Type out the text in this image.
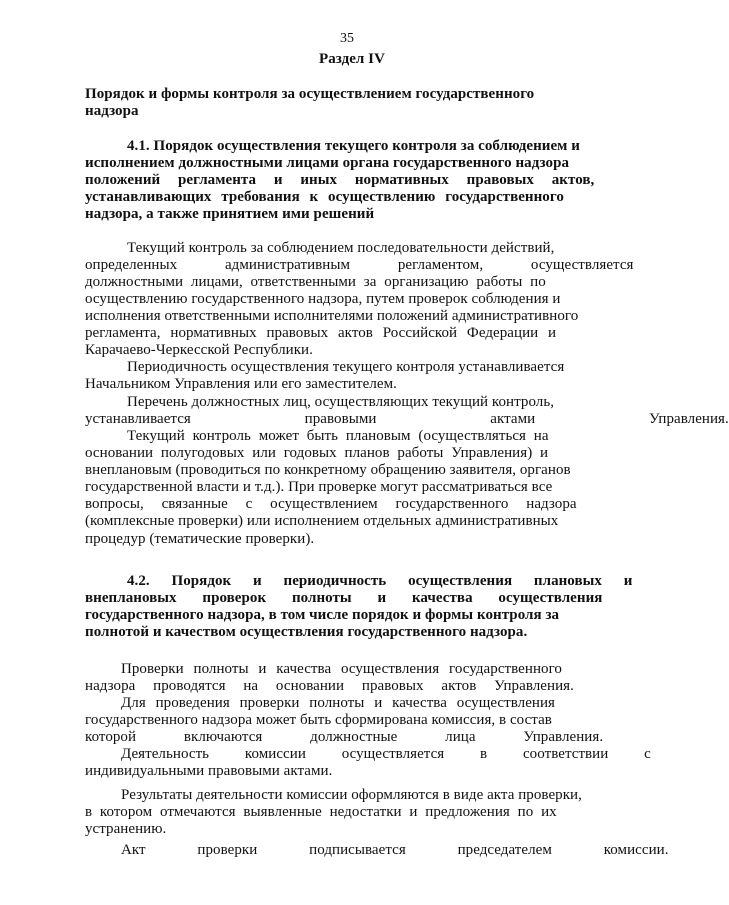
35
Раздел IV
Порядок и формы контроля за осуществлением государственного
надзора
4.1. Порядок осуществления текущего контроля за соблюдением и
исполнением должностными лицами органа государственного надзора
положений регламента и иных нормативных правовых актов,
устанавливающих требования к осуществлению государственного
надзора, а также принятием ими решений
Текущий контроль за соблюдением последовательности действий,
определенных административным регламентом, осуществляется
должностными лицами, ответственными за организацию работы по
осуществлению государственного надзора, путем проверок соблюдения и
исполнения ответственными исполнителями положений административного
регламента, нормативных правовых актов Российской Федерации и
Карачаево-Черкесской Республики.
Периодичность осуществления текущего контроля устанавливается
Начальником Управления или его заместителем.
Перечень должностных лиц, осуществляющих текущий контроль,
устанавливается правовыми актами Управления.
Текущий контроль может быть плановым (осуществляться на
основании полугодовых или годовых планов работы Управления) и
внеплановым (проводиться по конкретному обращению заявителя, органов
государственной власти и т.д.). При проверке могут рассматриваться все
вопросы, связанные с осуществлением государственного надзора
(комплексные проверки) или исполнением отдельных административных
процедур (тематические проверки).
4.2. Порядок и периодичность осуществления плановых и
внеплановых проверок полноты и качества осуществления
государственного надзора, в том числе порядок и формы контроля за
полнотой и качеством осуществления государственного надзора.
Проверки полноты и качества осуществления государственного
надзора проводятся на основании правовых актов Управления.
Для проведения проверки полноты и качества осуществления
государственного надзора может быть сформирована комиссия, в состав
которой включаются должностные лица Управления.
Деятельность комиссии осуществляется в соответствии с
индивидуальными правовыми актами.
Результаты деятельности комиссии оформляются в виде акта проверки,
в котором отмечаются выявленные недостатки и предложения по их
устранению.
Акт проверки подписывается председателем комиссии.
